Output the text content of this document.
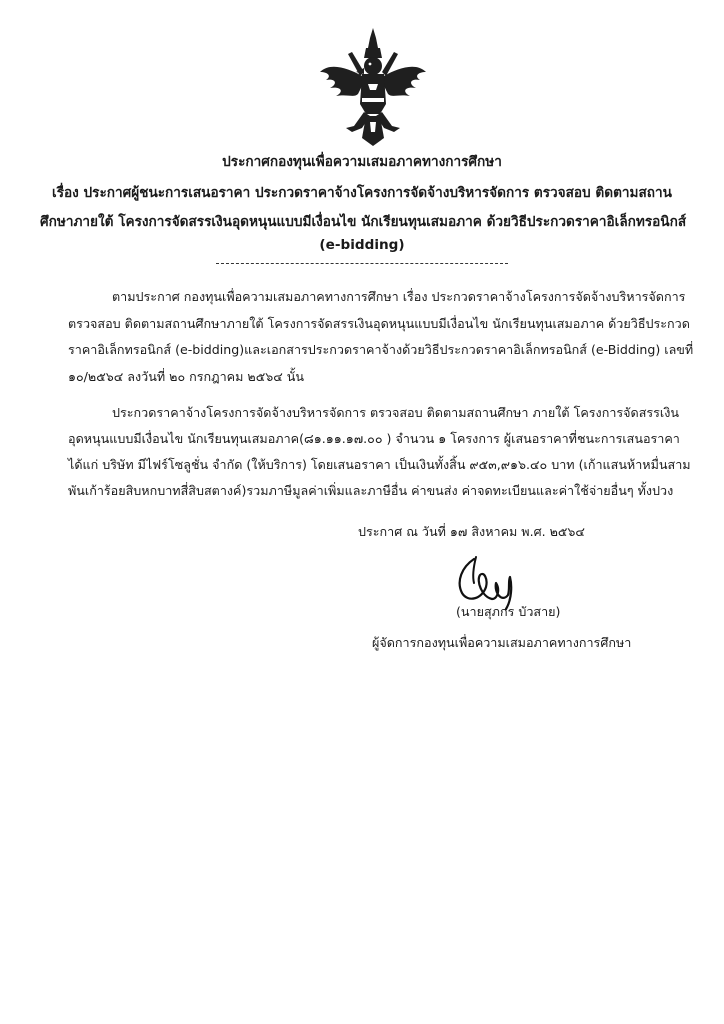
ประกาศกองทุนเพื่อความเสมอภาคทางการศึกษา
เรื่อง ประกาศผู้ชนะการเสนอราคา ประกวดราคาจ้างโครงการจัดจ้างบริหารจัดการ ตรวจสอบ ติดตามสถาน
ศึกษาภายใต้ โครงการจัดสรรเงินอุดหนุนแบบมีเงื่อนไข นักเรียนทุนเสมอภาค ด้วยวิธีประกวดราคาอิเล็กทรอนิกส์
(e-bidding)
ตามประกาศ กองทุนเพื่อความเสมอภาคทางการศึกษา เรื่อง ประกวดราคาจ้างโครงการจัดจ้างบริหารจัดการ
ตรวจสอบ ติดตามสถานศึกษาภายใต้ โครงการจัดสรรเงินอุดหนุนแบบมีเงื่อนไข นักเรียนทุนเสมอภาค ด้วยวิธีประกวด
ราคาอิเล็กทรอนิกส์ (e-bidding)และเอกสารประกวดราคาจ้างด้วยวิธีประกวดราคาอิเล็กทรอนิกส์ (e-Bidding) เลขที่
๑๐/๒๕๖๔ ลงวันที่ ๒๐ กรกฎาคม ๒๕๖๔ นั้น
ประกวดราคาจ้างโครงการจัดจ้างบริหารจัดการ ตรวจสอบ ติดตามสถานศึกษา ภายใต้ โครงการจัดสรรเงิน
อุดหนุนแบบมีเงื่อนไข นักเรียนทุนเสมอภาค(๘๑.๑๑.๑๗.๐๐ ) จำนวน ๑ โครงการ ผู้เสนอราคาที่ชนะการเสนอราคา
ได้แก่ บริษัท มีไฟร์โซลูชั่น จำกัด (ให้บริการ) โดยเสนอราคา เป็นเงินทั้งสิ้น ๙๕๓,๙๑๖.๔๐ บาท (เก้าแสนห้าหมื่นสาม
พันเก้าร้อยสิบหกบาทสี่สิบสตางค์)รวมภาษีมูลค่าเพิ่มและภาษีอื่น ค่าขนส่ง ค่าจดทะเบียนและค่าใช้จ่ายอื่นๆ ทั้งปวง
ประกาศ ณ วันที่ ๑๗ สิงหาคม พ.ศ. ๒๕๖๔
(นายสุภกร บัวสาย)
ผู้จัดการกองทุนเพื่อความเสมอภาคทางการศึกษา
